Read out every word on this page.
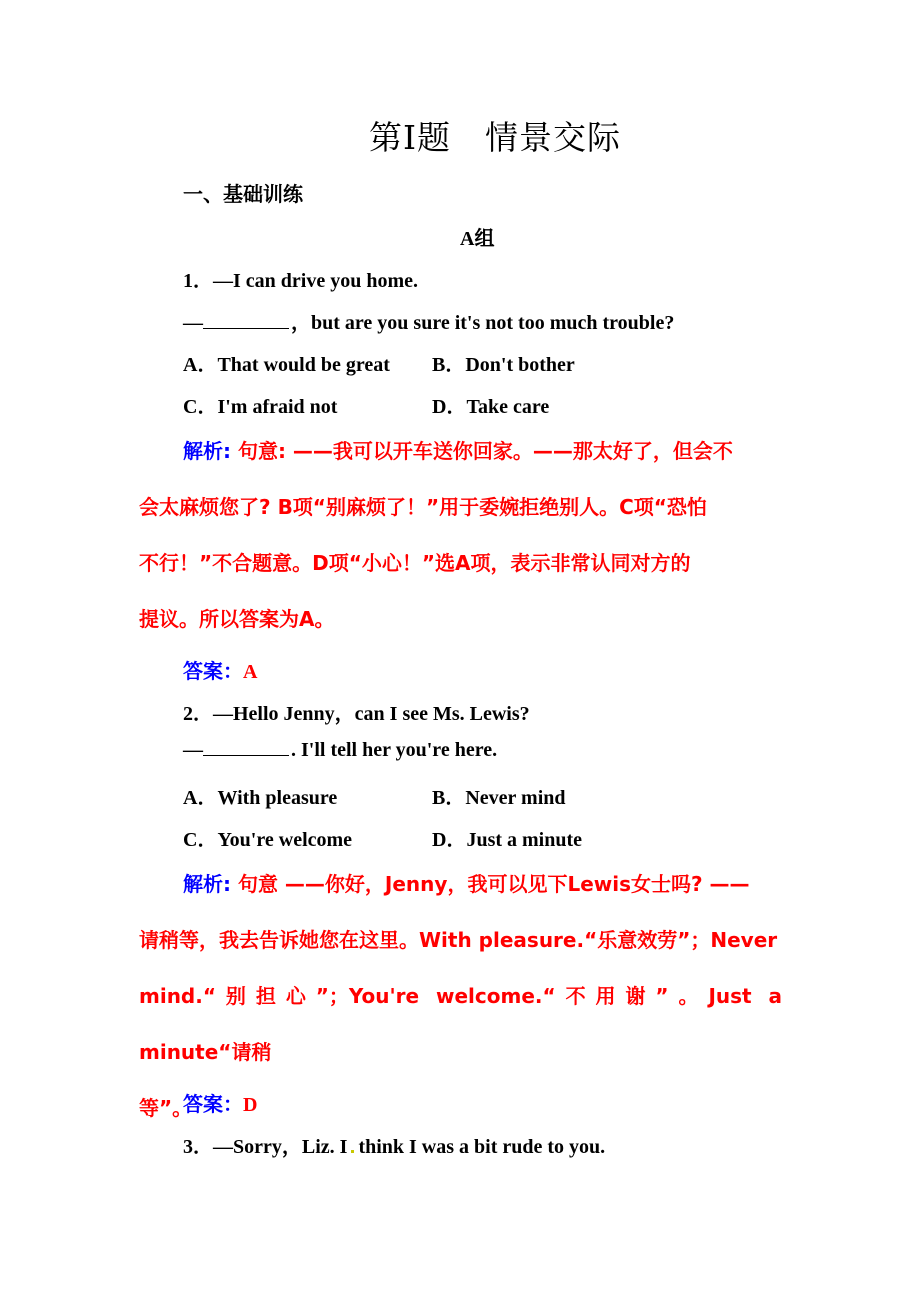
第Ⅰ题 情景交际
一、基础训练
A组
1．—I can drive you home.
—	，but are you sure it's not too much trouble?
A．That would be great B．Don't bother
C．I'm afraid not	D．Take care
解析: 句意: ——我可以开车送你回家。——那太好了，但会不
会太麻烦您了? B项“别麻烦了！”用于委婉拒绝别人。C项“恐怕
不行！”不合题意。D项“小心！”选A项，表示非常认同对方的
提议。所以答案为A。
答案：A
2．—Hello Jenny，can I see Ms. Lewis?
—	. I'll tell her you're here.
A．With pleasure	B．Never mind
C．You're welcome	D．Just a minute
解析: 句意 ——你好，Jenny，我可以见下Lewis女士吗? ——
请稍等，我去告诉她您在这里。With pleasure.“乐意效劳”；Never
mind.“别担心”；You're welcome.“不用谢”。Just a minute“请稍
等”。
答案：D
3．—Sorry，Liz. I think I was a bit rude to you.
